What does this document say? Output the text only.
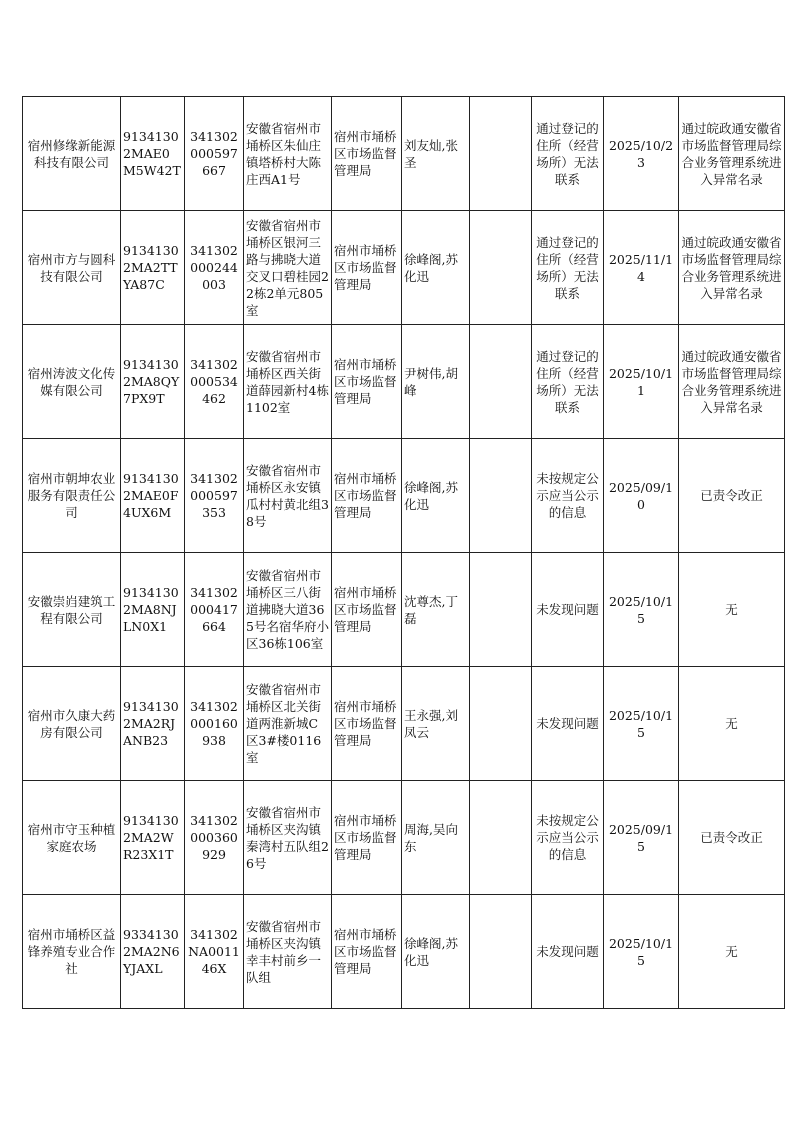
宿州修缘新能源科技有限公司	91341302MAE0M5W42T	341302000597667	安徽省宿州市埇桥区朱仙庄镇塔桥村大陈庄西A1号	宿州市埇桥区市场监督管理局	刘友灿,张圣		通过登记的住所（经营场所）无法联系	2025/10/23	通过皖政通安徽省市场监督管理局综合业务管理系统进入异常名录
宿州市方与圆科技有限公司	91341302MA2TTYA87C	341302000244003	安徽省宿州市埇桥区银河三路与拂晓大道交叉口碧桂园22栋2单元805室	宿州市埇桥区市场监督管理局	徐峰阁,苏化迅		通过登记的住所（经营场所）无法联系	2025/11/14	通过皖政通安徽省市场监督管理局综合业务管理系统进入异常名录
宿州涛波文化传媒有限公司	91341302MA8QY7PX9T	341302000534462	安徽省宿州市埇桥区西关街道薛园新村4栋1102室	宿州市埇桥区市场监督管理局	尹树伟,胡峰		通过登记的住所（经营场所）无法联系	2025/10/11	通过皖政通安徽省市场监督管理局综合业务管理系统进入异常名录
宿州市朝坤农业服务有限责任公司	91341302MAE0F4UX6M	341302000597353	安徽省宿州市埇桥区永安镇瓜村村黄北组38号	宿州市埇桥区市场监督管理局	徐峰阁,苏化迅		未按规定公示应当公示的信息	2025/09/10	已责令改正
安徽崇岿建筑工程有限公司	91341302MA8NJLN0X1	341302000417664	安徽省宿州市埇桥区三八街道拂晓大道365号名宿华府小区36栋106室	宿州市埇桥区市场监督管理局	沈尊杰,丁磊		未发现问题	2025/10/15	无
宿州市久康大药房有限公司	91341302MA2RJANB23	341302000160938	安徽省宿州市埇桥区北关街道两淮新城C区3#楼0116室	宿州市埇桥区市场监督管理局	王永强,刘凤云		未发现问题	2025/10/15	无
宿州市守玉种植家庭农场	91341302MA2WR23X1T	341302000360929	安徽省宿州市埇桥区夹沟镇秦湾村五队组26号	宿州市埇桥区市场监督管理局	周海,吴向东		未按规定公示应当公示的信息	2025/09/15	已责令改正
宿州市埇桥区益锋养殖专业合作社	93341302MA2N6YJAXL	341302NA001146X	安徽省宿州市埇桥区夹沟镇幸丰村前乡一队组	宿州市埇桥区市场监督管理局	徐峰阁,苏化迅		未发现问题	2025/10/15	无
